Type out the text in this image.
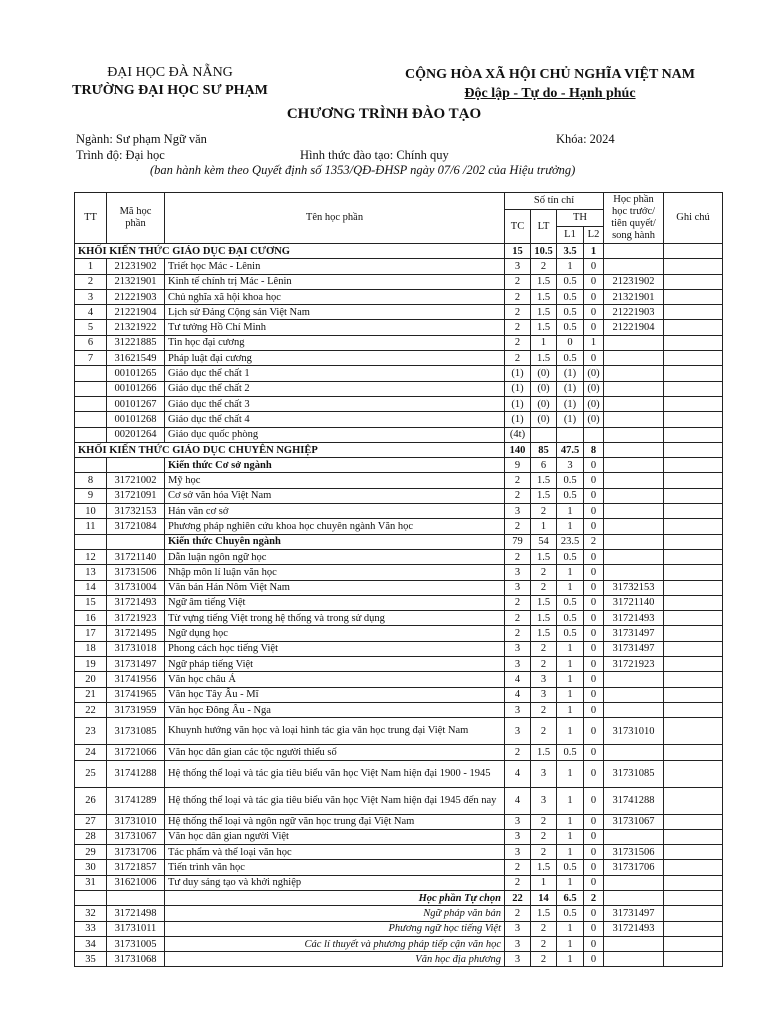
ĐẠI HỌC ĐÀ NẴNG
TRƯỜNG ĐẠI HỌC SƯ PHẠM
CỘNG HÒA XÃ HỘI CHỦ NGHĨA VIỆT NAM
Độc lập - Tự do - Hạnh phúc
CHƯƠNG TRÌNH ĐÀO TẠO
Ngành: Sư phạm Ngữ văn	Khóa: 2024
Trình độ: Đại học	Hình thức đào tạo: Chính quy
(ban hành kèm theo Quyết định số 1353/QĐ-ĐHSP ngày 07/6 /202 của Hiệu trưởng)
TT	Mã học phần	Tên học phần	Số tín chỉ				Học phần học trước/ tiên quyết/ song hành	Ghi chú
			TC	LT	TH			
					L1	L2		
KHỐI KIẾN THỨC GIÁO DỤC ĐẠI CƯƠNG			15	10.5	3.5	1		
1	21231902	Triết học Mác - Lênin	3	2	1	0		
2	21321901	Kinh tế chính trị Mác - Lênin	2	1.5	0.5	0	21231902	
3	21221903	Chủ nghĩa xã hội khoa học	2	1.5	0.5	0	21321901	
4	21221904	Lịch sử Đảng Cộng sản Việt Nam	2	1.5	0.5	0	21221903	
5	21321922	Tư tưởng Hồ Chí Minh	2	1.5	0.5	0	21221904	
6	31221885	Tin học đại cương	2	1	0	1		
7	31621549	Pháp luật đại cương	2	1.5	0.5	0		
	00101265	Giáo dục thể chất 1	(1)	(0)	(1)	(0)		
	00101266	Giáo dục thể chất 2	(1)	(0)	(1)	(0)		
	00101267	Giáo dục thể chất 3	(1)	(0)	(1)	(0)		
	00101268	Giáo dục thể chất 4	(1)	(0)	(1)	(0)		
	00201264	Giáo dục quốc phòng	(4t)					
KHỐI KIẾN THỨC GIÁO DỤC CHUYÊN NGHIỆP			140	85	47.5	8		
		Kiến thức Cơ sở ngành	9	6	3	0		
8	31721002	Mỹ học	2	1.5	0.5	0		
9	31721091	Cơ sở văn hóa Việt Nam	2	1.5	0.5	0		
10	31732153	Hán văn cơ sở	3	2	1	0		
11	31721084	Phương pháp nghiên cứu khoa học chuyên ngành Văn học	2	1	1	0		
		Kiến thức Chuyên ngành	79	54	23.5	2		
12	31721140	Dẫn luận ngôn ngữ học	2	1.5	0.5	0		
13	31731506	Nhập môn lí luận văn học	3	2	1	0		
14	31731004	Văn bản Hán Nôm Việt Nam	3	2	1	0	31732153	
15	31721493	Ngữ âm tiếng Việt	2	1.5	0.5	0	31721140	
16	31721923	Từ vựng tiếng Việt trong hệ thống và trong sử dụng	2	1.5	0.5	0	31721493	
17	31721495	Ngữ dụng học	2	1.5	0.5	0	31731497	
18	31731018	Phong cách học tiếng Việt	3	2	1	0	31731497	
19	31731497	Ngữ pháp tiếng Việt	3	2	1	0	31721923	
20	31741956	Văn học châu Á	4	3	1	0		
21	31741965	Văn học Tây Âu - Mĩ	4	3	1	0		
22	31731959	Văn học Đông Âu - Nga	3	2	1	0		
23	31731085	Khuynh hướng văn học và loại hình tác gia văn học trung đại Việt Nam	3	2	1	0	31731010	
24	31721066	Văn học dân gian các tộc người thiểu số	2	1.5	0.5	0		
25	31741288	Hệ thống thể loại và tác gia tiêu biểu văn học Việt Nam hiện đại 1900 - 1945	4	3	1	0	31731085	
26	31741289	Hệ thống thể loại và tác gia tiêu biểu văn học Việt Nam hiện đại 1945 đến nay	4	3	1	0	31741288	
27	31731010	Hệ thống thể loại và ngôn ngữ văn học trung đại Việt Nam	3	2	1	0	31731067	
28	31731067	Văn học dân gian người Việt	3	2	1	0		
29	31731706	Tác phẩm và thể loại văn học	3	2	1	0	31731506	
30	31721857	Tiến trình văn học	2	1.5	0.5	0	31731706	
31	31621006	Tư duy sáng tạo và khởi nghiệp	2	1	1	0		
		Học phần Tự chọn	22	14	6.5	2		
32	31721498	Ngữ pháp văn bản	2	1.5	0.5	0	31731497	
33	31731011	Phương ngữ học tiếng Việt	3	2	1	0	31721493	
34	31731005	Các lí thuyết và phương pháp tiếp cận văn học	3	2	1	0		
35	31731068	Văn học địa phương	3	2	1	0		
